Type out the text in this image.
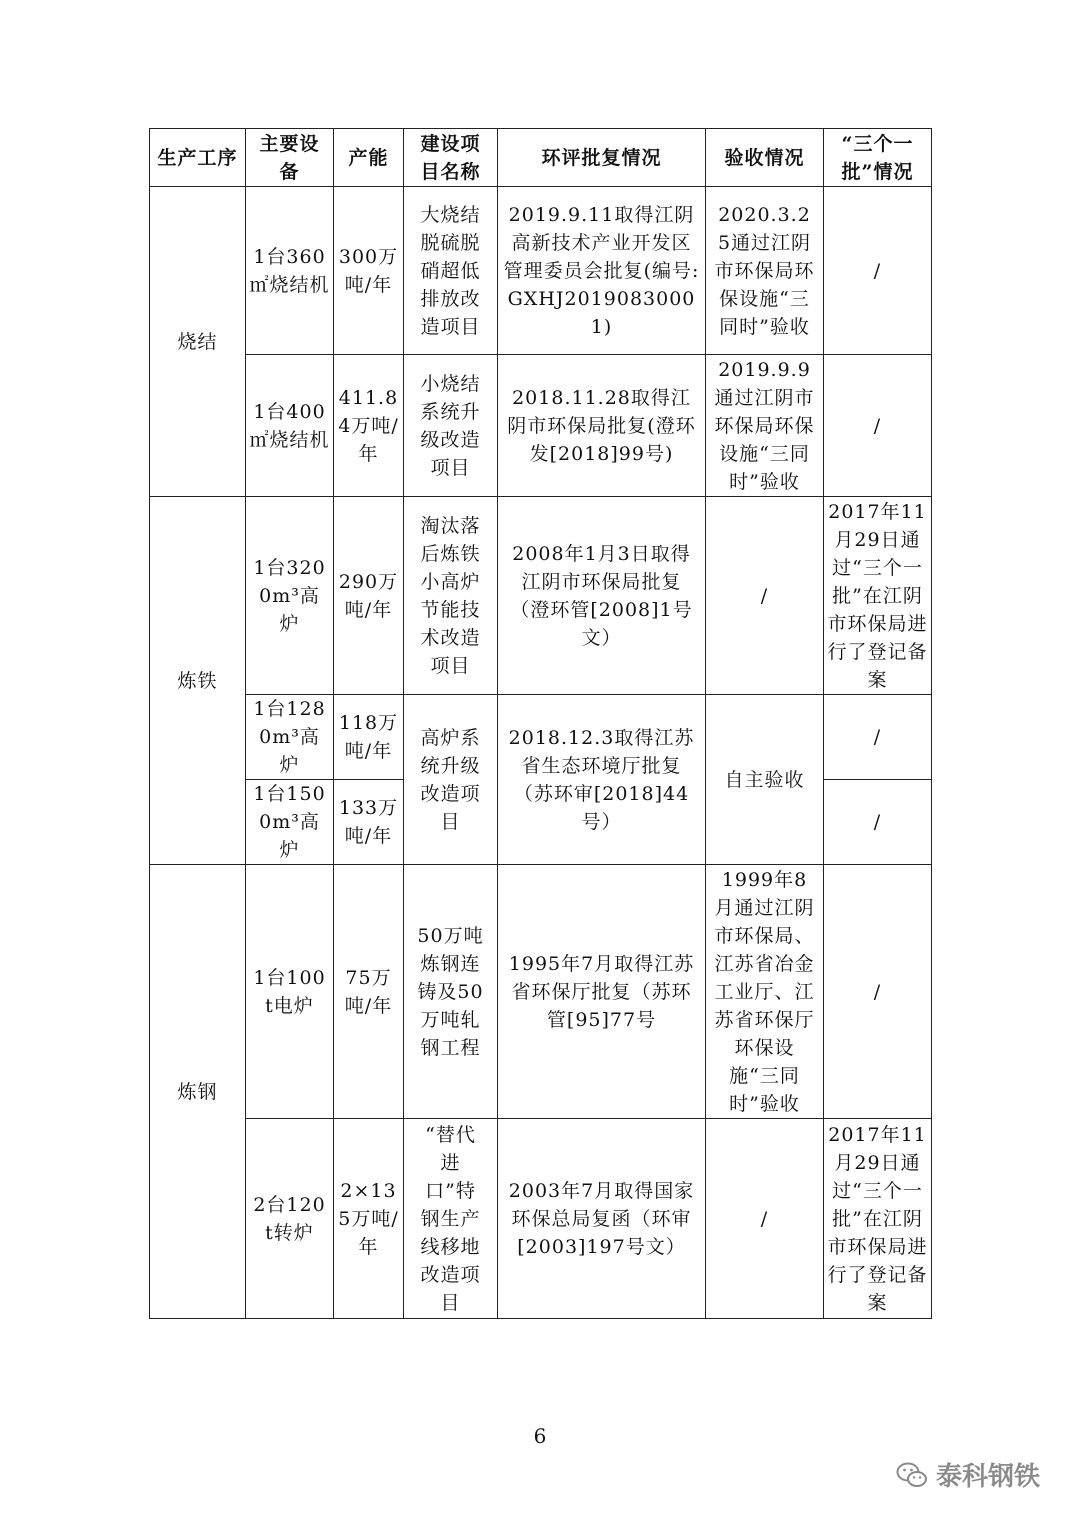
生产工序	主要设备	产能	建设项目名称	环评批复情况	验收情况	“三个一批”情况

烧结	1台360㎡烧结机	300万吨/年	大烧结脱硫脱硝超低排放改造项目	2019.9.11取得江阴高新技术产业开发区管理委员会批复(编号:GXHJ20190830001)	2020.3.25通过江阴市环保局环保设施“三同时”验收	/

	1台400㎡烧结机	411.84万吨/年	小烧结系统升级改造项目	2018.11.28取得江阴市环保局批复(澄环发[2018]99号)	2019.9.9通过江阴市环保局环保设施“三同时”验收	/

炼铁	1台3200m³高炉	290万吨/年	淘汰落后炼铁小高炉节能技术改造项目	2008年1月3日取得江阴市环保局批复（澄环管[2008]1号文）	/	2017年11月29日通过“三个一批”在江阴市环保局进行了登记备案

	1台1280m³高炉	118万吨/年	高炉系统升级改造项目	2018.12.3取得江苏省生态环境厅批复（苏环审[2018]44号）	自主验收	/

	1台1500m³高炉	133万吨/年				/

炼钢	1台100t电炉	75万吨/年	50万吨炼钢连铸及50万吨轧钢工程	1995年7月取得江苏省环保厅批复（苏环管[95]77号	1999年8月通过江阴市环保局、江苏省冶金工业厅、江苏省环保厅环保设施“三同时”验收	/

	2台120t转炉	2×135万吨/年	“替代进口”特钢生产线移地改造项目	2003年7月取得国家环保总局复函（环审[2003]197号文）	/	2017年11月29日通过“三个一批”在江阴市环保局进行了登记备案
6
泰科钢铁
